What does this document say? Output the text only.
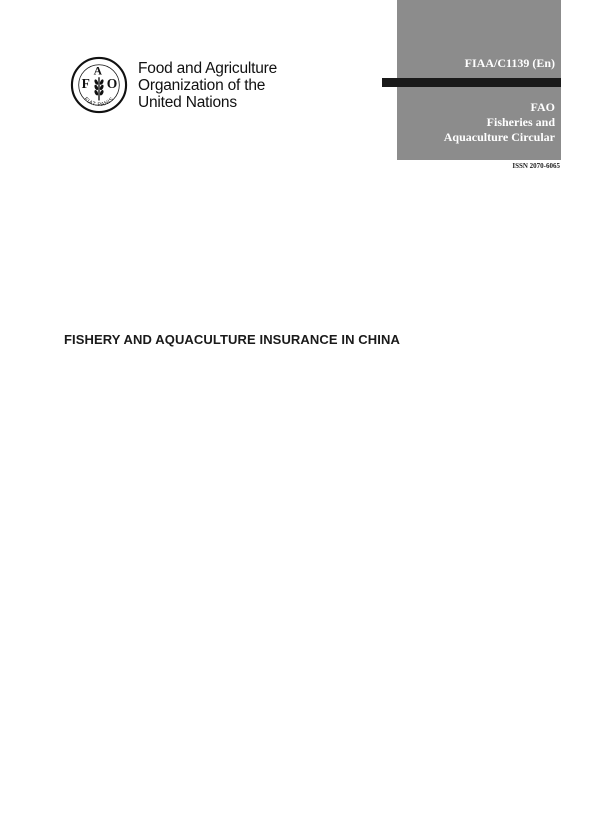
F
A
O
FIAT PANIS
Food and Agriculture
Organization of the
United Nations
FIAA/C1139 (En)
FAO
Fisheries and
Aquaculture Circular
ISSN 2070-6065
FISHERY AND AQUACULTURE INSURANCE IN CHINA
